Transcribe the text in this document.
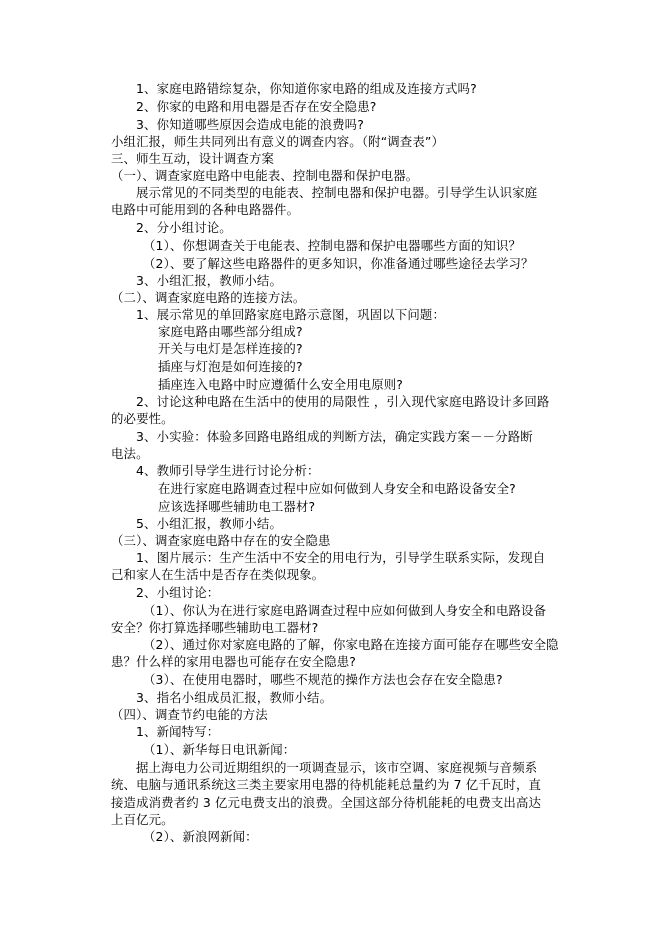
1、家庭电路错综复杂，你知道你家电路的组成及连接方式吗?
2、你家的电路和用电器是否存在安全隐患?
3、你知道哪些原因会造成电能的浪费吗?
小组汇报，师生共同列出有意义的调查内容。（附“调查表”）
三、师生互动，设计调查方案
（一）、调查家庭电路中电能表、控制电器和保护电器。
展示常见的不同类型的电能表、控制电器和保护电器。引导学生认识家庭
电路中可能用到的各种电路器件。
2、分小组讨论。
（1）、你想调查关于电能表、控制电器和保护电器哪些方面的知识？
（2）、要了解这些电路器件的更多知识，你准备通过哪些途径去学习？
3、小组汇报，教师小结。
（二）、调查家庭电路的连接方法。
1、展示常见的单回路家庭电路示意图，巩固以下问题：
家庭电路由哪些部分组成?
开关与电灯是怎样连接的?
插座与灯泡是如何连接的?
插座连入电路中时应遵循什么安全用电原则?
2、讨论这种电路在生活中的使用的局限性 ，引入现代家庭电路设计多回路
的必要性。
3、小实验：体验多回路电路组成的判断方法，确定实践方案－－分路断
电法。
4、教师引导学生进行讨论分析：
在进行家庭电路调查过程中应如何做到人身安全和电路设备安全?
应该选择哪些辅助电工器材?
5、小组汇报，教师小结。
（三）、调查家庭电路中存在的安全隐患
1、图片展示：生产生活中不安全的用电行为，引导学生联系实际，发现自
己和家人在生活中是否存在类似现象。
2、小组讨论：
（1）、你认为在进行家庭电路调查过程中应如何做到人身安全和电路设备
安全？你打算选择哪些辅助电工器材?
（2）、通过你对家庭电路的了解，你家电路在连接方面可能存在哪些安全隐
患？什么样的家用电器也可能存在安全隐患?
（3）、在使用电器时，哪些不规范的操作方法也会存在安全隐患?
3、指名小组成员汇报，教师小结。
（四）、调查节约电能的方法
1、新闻特写：
（1）、新华每日电讯新闻：
据上海电力公司近期组织的一项调查显示，该市空调、家庭视频与音频系
统、电脑与通讯系统这三类主要家用电器的待机能耗总量约为 7 亿千瓦时，直
接造成消费者约 3 亿元电费支出的浪费。全国这部分待机能耗的电费支出高达
上百亿元。
（2）、新浪网新闻：
